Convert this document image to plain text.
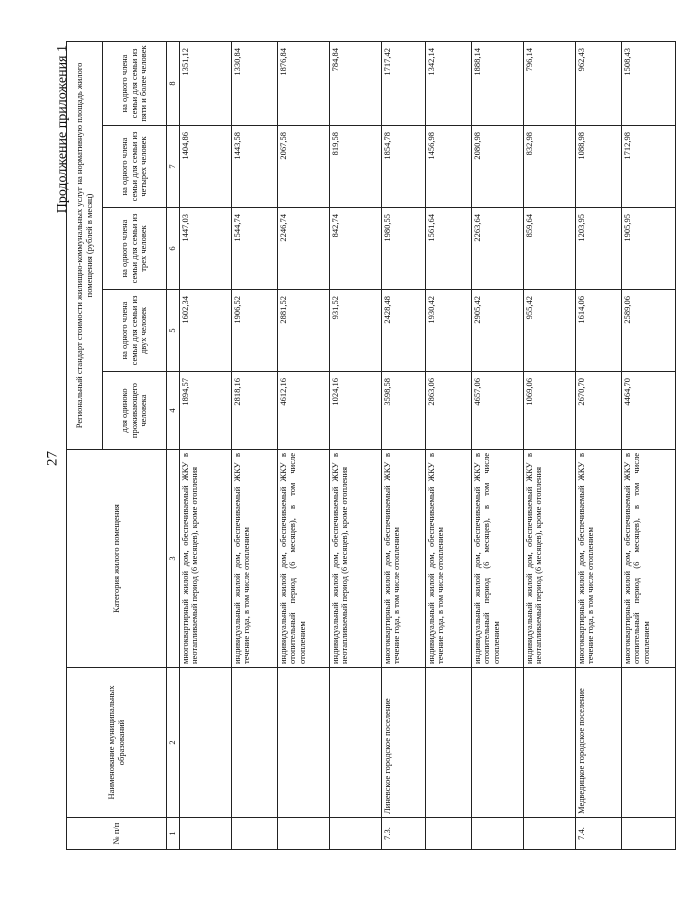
27
Продолжение приложения 1
№ п/п	Наименование муниципальных образований	Категория жилого помещения	Региональный стандарт стоимости жилищно-коммунальных услуг на нормативную площадь жилого помещения (рублей в месяц)				
			для одиноко проживающего человека	на одного члена семьи для семьи из двух человек	на одного члена семьи для семьи из трех человек	на одного члена семьи для семьи из четырех человек	на одного члена семьи для семьи из пяти и более человек
1	2	3	4	5	6	7	8
		многоквартирный жилой дом, обеспечиваемый ЖКУ в неотапливаемый период (6 месяцев), кроме отопления	1894,57	1602,34	1447,03	1404,86	1351,12
		индивидуальный жилой дом, обеспечиваемый ЖКУ в течение года, в том числе отоплением	2818,16	1906,52	1544,74	1443,58	1330,84
		индивидуальный жилой дом, обеспечиваемый ЖКУ в отопительный период (6 месяцев), в том числе отоплением	4612,16	2881,52	2246,74	2067,58	1876,84
		индивидуальный жилой дом, обеспечиваемый ЖКУ в неотапливаемый период (6 месяцев), кроме отопления	1024,16	931,52	842,74	819,58	784,84
7.3.	Линевское городское поселение	многоквартирный жилой дом, обеспечиваемый ЖКУ в течение года, в том числе отоплением	3598,58	2428,48	1980,55	1854,78	1717,42
		индивидуальный жилой дом, обеспечиваемый ЖКУ в течение года, в том числе отоплением	2863,06	1930,42	1561,64	1456,98	1342,14
		индивидуальный жилой дом, обеспечиваемый ЖКУ в отопительный период (6 месяцев), в том числе отоплением	4657,06	2905,42	2263,64	2080,98	1888,14
		индивидуальный жилой дом, обеспечиваемый ЖКУ в неотапливаемый период (6 месяцев), кроме отопления	1069,06	955,42	859,64	832,98	796,14
7.4.	Медведицкое городское поселение	многоквартирный жилой дом, обеспечиваемый ЖКУ в течение года, в том числе отоплением	2670,70	1614,06	1203,95	1088,98	962,43
		многоквартирный жилой дом, обеспечиваемый ЖКУ в отопительный период (6 месяцев), в том числе отоплением	4464,70	2589,06	1905,95	1712,98	1508,43
